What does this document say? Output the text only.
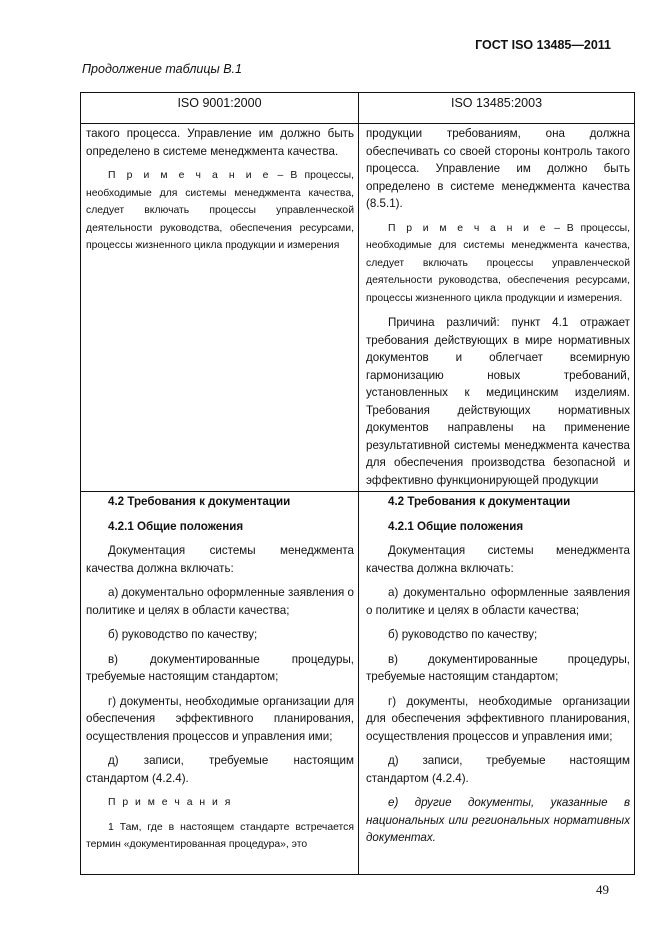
ГОСТ ISO 13485—2011
Продолжение таблицы В.1
ISO 9001:2000	ISO 13485:2003

такого процесса. Управление им должно быть определено в системе менеджмента качества.

П р и м е ч а н и е – В процессы, необходимые для системы менеджмента качества, следует включать процессы управленческой деятельности руководства, обеспечения ресурсами, процессы жизненного цикла продукции и измерения

продукции требованиям, она должна обеспечивать со своей стороны контроль такого процесса. Управление им должно быть определено в системе менеджмента качества (8.5.1).

П р и м е ч а н и е – В процессы, необходимые для системы менеджмента качества, следует включать процессы управленческой деятельности руководства, обеспечения ресурсами, процессы жизненного цикла продукции и измерения.

Причина различий: пункт 4.1 отражает требования действующих в мире нормативных документов и облегчает всемирную гармонизацию новых требований, установленных к медицинским изделиям. Требования действующих нормативных документов направлены на применение результативной системы менеджмента качества для обеспечения производства безопасной и эффективно функционирующей продукции

4.2 Требования к документации

4.2.1 Общие положения

Документация системы менеджмента качества должна включать:

а) документально оформленные заявления о политике и целях в области качества;

б) руководство по качеству;

в) документированные процедуры, требуемые настоящим стандартом;

г) документы, необходимые организации для обеспечения эффективного планирования, осуществления процессов и управления ими;

д) записи, требуемые настоящим стандартом (4.2.4).

П р и м е ч а н и я

1 Там, где в настоящем стандарте встречается термин «документированная процедура», это

4.2 Требования к документации

4.2.1 Общие положения

Документация системы менеджмента качества должна включать:

а) документально оформленные заявления о политике и целях в области качества;

б) руководство по качеству;

в) документированные процедуры, требуемые настоящим стандартом;

г) документы, необходимые организации для обеспечения эффективного планирования, осуществления процессов и управления ими;

д) записи, требуемые настоящим стандартом (4.2.4).

е) другие документы, указанные в национальных или региональных нормативных документах.

49
